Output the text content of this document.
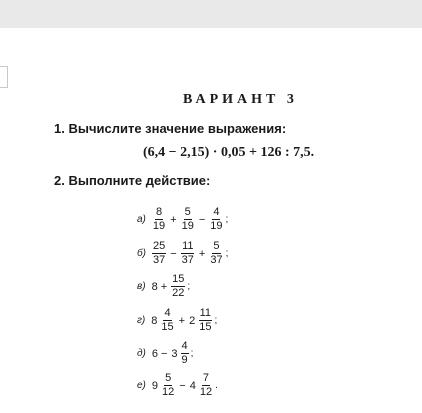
ВАРИАНТ 3
1. Вычислите значение выражения:
(6,4 − 2,15) · 0,05 + 126 : 7,5.
2. Выполните действие:
$а) \frac{8}{19} + \frac{5}{19} - \frac{4}{19}$ ;
$б) \frac{25}{37} - \frac{11}{37} + \frac{5}{37}$ ;
в) $8 + \frac{15}{22}$ ;
г) $8 \frac{4}{15} + 2 \frac{11}{15}$ ;
д) $6 - 3 \frac{4}{9}$ ;
е) $9 \frac{5}{12} - 4 \frac{7}{12}$ .
